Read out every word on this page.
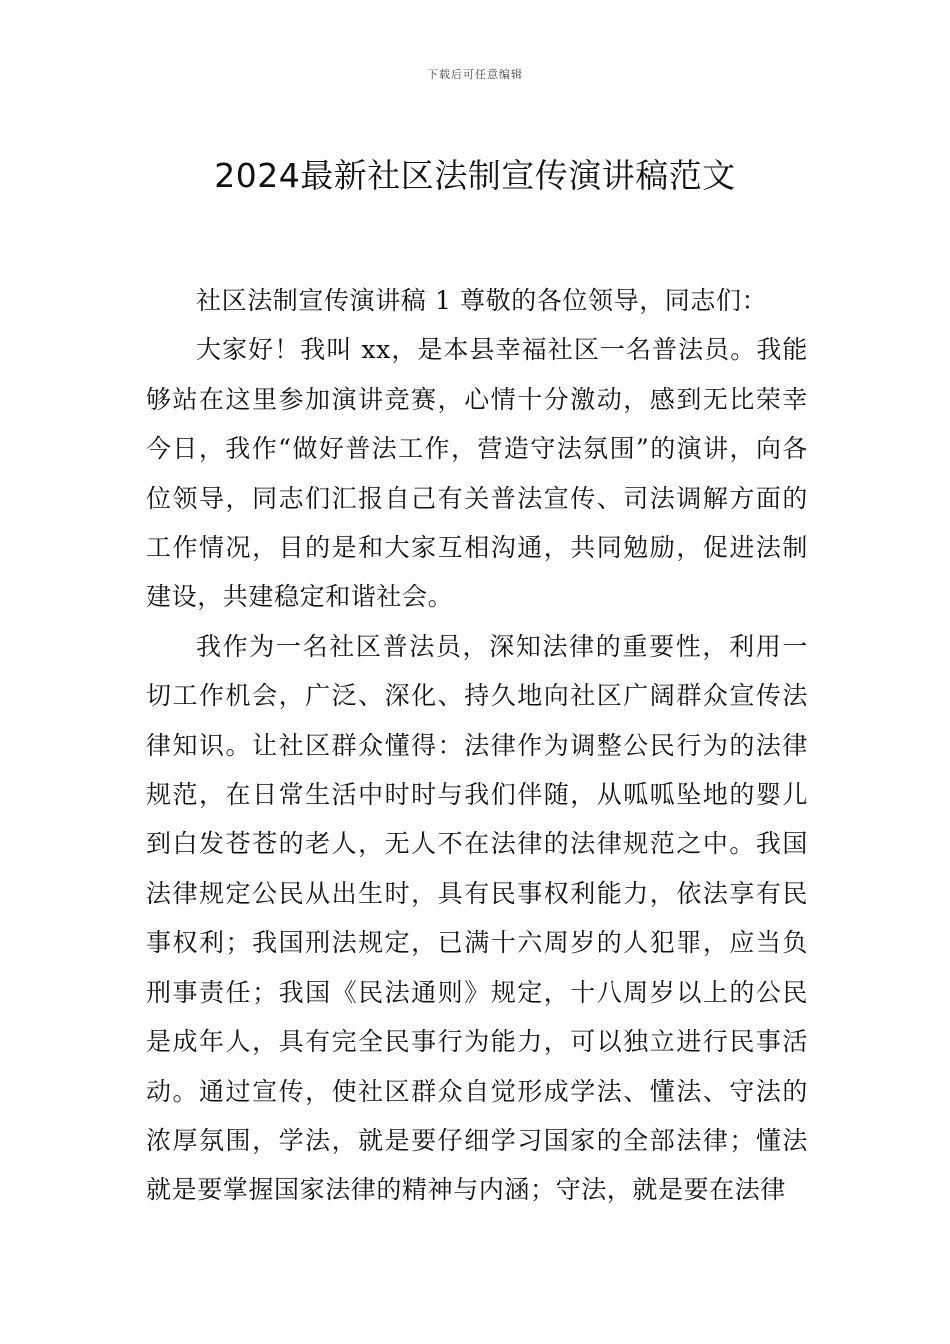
下载后可任意编辑
2024最新社区法制宣传演讲稿范文

社区法制宣传演讲稿 1 尊敬的各位领导，同志们：

大家好！我叫 xx，是本县幸福社区一名普法员。我能够站在这里参加演讲竞赛，心情十分激动，感到无比荣幸今日，我作“做好普法工作，营造守法氛围”的演讲，向各位领导，同志们汇报自己有关普法宣传、司法调解方面的工作情况，目的是和大家互相沟通，共同勉励，促进法制建设，共建稳定和谐社会。

我作为一名社区普法员，深知法律的重要性，利用一切工作机会，广泛、深化、持久地向社区广阔群众宣传法律知识。让社区群众懂得：法律作为调整公民行为的法律规范，在日常生活中时时与我们伴随，从呱呱坠地的婴儿到白发苍苍的老人，无人不在法律的法律规范之中。我国法律规定公民从出生时，具有民事权利能力，依法享有民事权利；我国刑法规定，已满十六周岁的人犯罪，应当负刑事责任；我国《民法通则》规定，十八周岁以上的公民是成年人，具有完全民事行为能力，可以独立进行民事活动。通过宣传，使社区群众自觉形成学法、懂法、守法的浓厚氛围，学法，就是要仔细学习国家的全部法律；懂法就是要掌握国家法律的精神与内涵；守法，就是要在法律
